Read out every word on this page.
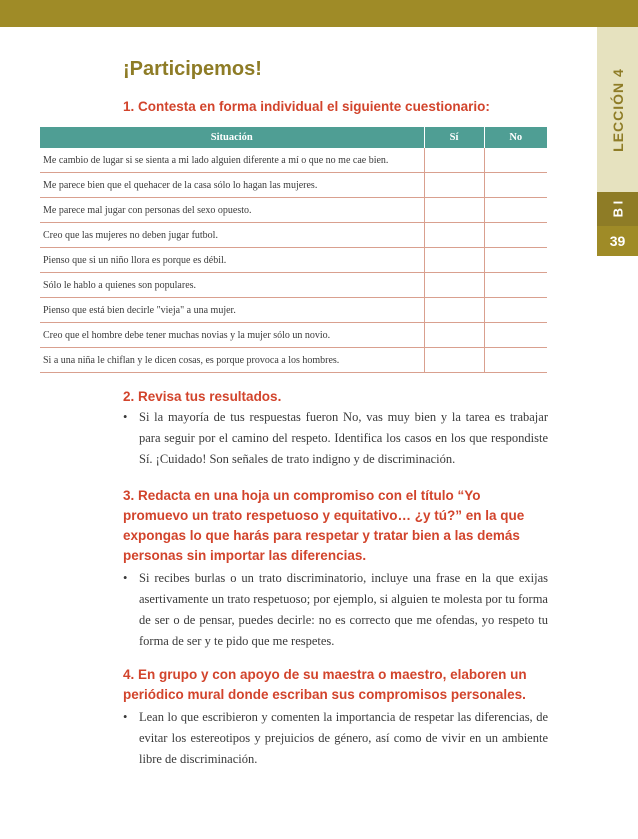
LECCIÓN 4
B I
39
¡Participemos!
1. Contesta en forma individual el siguiente cuestionario:
Situación	Sí	No
Me cambio de lugar si se sienta a mi lado alguien diferente a mí o que no me cae bien.		
Me parece bien que el quehacer de la casa sólo lo hagan las mujeres.		
Me parece mal jugar con personas del sexo opuesto.		
Creo que las mujeres no deben jugar futbol.		
Pienso que si un niño llora es porque es débil.		
Sólo le hablo a quienes son populares.		
Pienso que está bien decirle "vieja" a una mujer.		
Creo que el hombre debe tener muchas novias y la mujer sólo un novio.		
Si a una niña le chiflan y le dicen cosas, es porque provoca a los hombres.		
2. Revisa tus resultados.
• Si la mayoría de tus respuestas fueron No, vas muy bien y la tarea es trabajar para seguir por el camino del respeto. Identifica los casos en los que respondiste Sí. ¡Cuidado! Son señales de trato indigno y de discriminación.
3. Redacta en una hoja un compromiso con el título “Yo promuevo un trato respetuoso y equitativo… ¿y tú?” en la que expongas lo que harás para respetar y tratar bien a las demás personas sin importar las diferencias.
• Si recibes burlas o un trato discriminatorio, incluye una frase en la que exijas asertivamente un trato respetuoso; por ejemplo, si alguien te molesta por tu forma de ser o de pensar, puedes decirle: no es correcto que me ofendas, yo respeto tu forma de ser y te pido que me respetes.
4. En grupo y con apoyo de su maestra o maestro, elaboren un periódico mural donde escriban sus compromisos personales.
• Lean lo que escribieron y comenten la importancia de respetar las diferencias, de evitar los estereotipos y prejuicios de género, así como de vivir en un ambiente libre de discriminación.
